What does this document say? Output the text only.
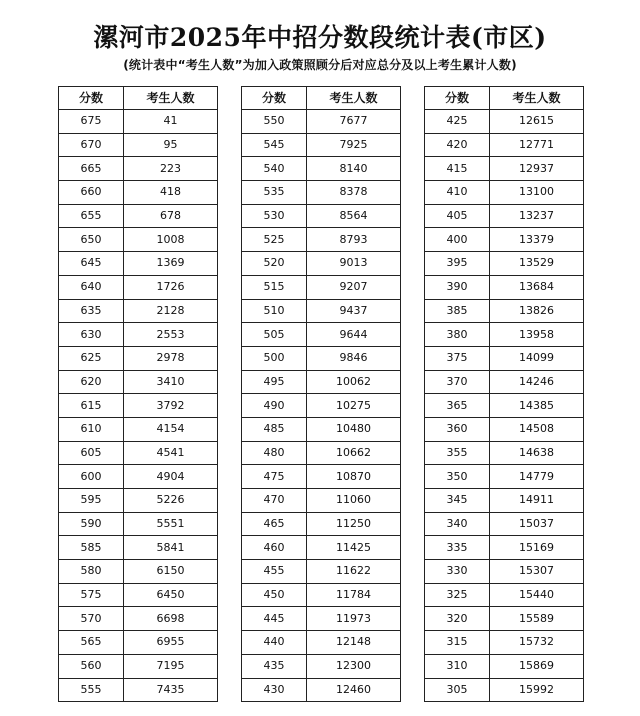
漯河市2025年中招分数段统计表(市区)
(统计表中“考生人数”为加入政策照顾分后对应总分及以上考生累计人数)
分数	考生人数
675	41
670	95
665	223
660	418
655	678
650	1008
645	1369
640	1726
635	2128
630	2553
625	2978
620	3410
615	3792
610	4154
605	4541
600	4904
595	5226
590	5551
585	5841
580	6150
575	6450
570	6698
565	6955
560	7195
555	7435
分数	考生人数
550	7677
545	7925
540	8140
535	8378
530	8564
525	8793
520	9013
515	9207
510	9437
505	9644
500	9846
495	10062
490	10275
485	10480
480	10662
475	10870
470	11060
465	11250
460	11425
455	11622
450	11784
445	11973
440	12148
435	12300
430	12460
分数	考生人数
425	12615
420	12771
415	12937
410	13100
405	13237
400	13379
395	13529
390	13684
385	13826
380	13958
375	14099
370	14246
365	14385
360	14508
355	14638
350	14779
345	14911
340	15037
335	15169
330	15307
325	15440
320	15589
315	15732
310	15869
305	15992
